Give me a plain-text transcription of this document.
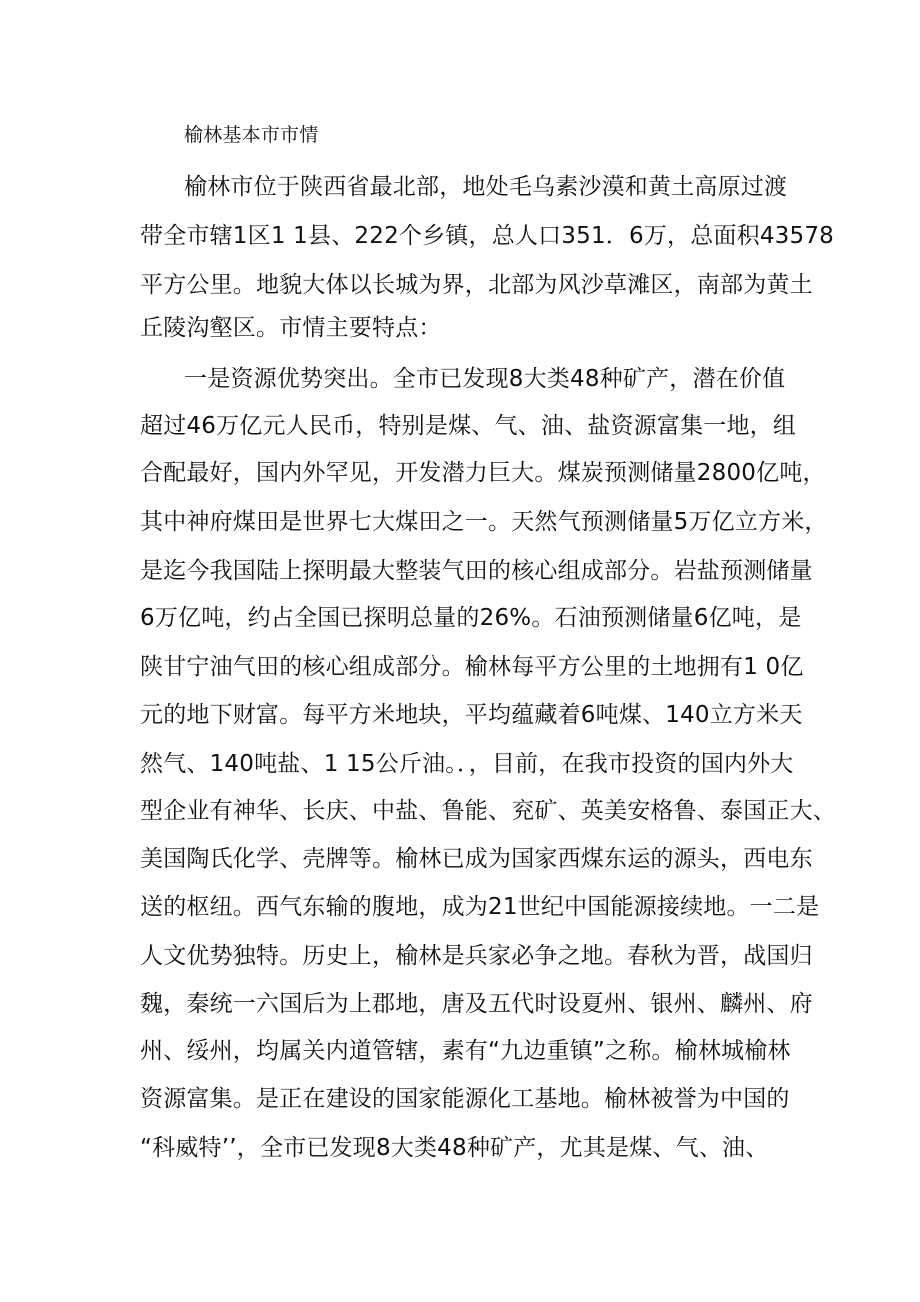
榆林基本市市情
榆林市位于陕西省最北部，地处毛乌素沙漠和黄土高原过渡
带全市辖1区1 1县、222个乡镇，总人口351．6万，总面积43578
平方公里。地貌大体以长城为界，北部为风沙草滩区，南部为黄土
丘陵沟壑区。市情主要特点：
一是资源优势突出。全市已发现8大类48种矿产，潜在价值
超过46万亿元人民币，特别是煤、气、油、盐资源富集一地，组
合配最好，国内外罕见，开发潜力巨大。煤炭预测储量2800亿吨，
其中神府煤田是世界七大煤田之一。天然气预测储量5万亿立方米，
是迄今我国陆上探明最大整装气田的核心组成部分。岩盐预测储量
6万亿吨，约占全国已探明总量的26%。石油预测储量6亿吨，是
陕甘宁油气田的核心组成部分。榆林每平方公里的土地拥有1 0亿
元的地下财富。每平方米地块，平均蕴藏着6吨煤、140立方米天
然气、140吨盐、1 15公斤油。．，目前，在我市投资的国内外大
型企业有神华、长庆、中盐、鲁能、兖矿、英美安格鲁、泰国正大、
美国陶氏化学、壳牌等。榆林已成为国家西煤东运的源头，西电东
送的枢纽。西气东输的腹地，成为21世纪中国能源接续地。一二是
人文优势独特。历史上，榆林是兵家必争之地。春秋为晋，战国归
魏，秦统一六国后为上郡地，唐及五代时设夏州、银州、麟州、府
州、绥州，均属关内道管辖，素有“九边重镇”之称。榆林城榆林
资源富集。是正在建设的国家能源化工基地。榆林被誉为中国的
“科威特’’，全市已发现8大类48种矿产，尤其是煤、气、油、
